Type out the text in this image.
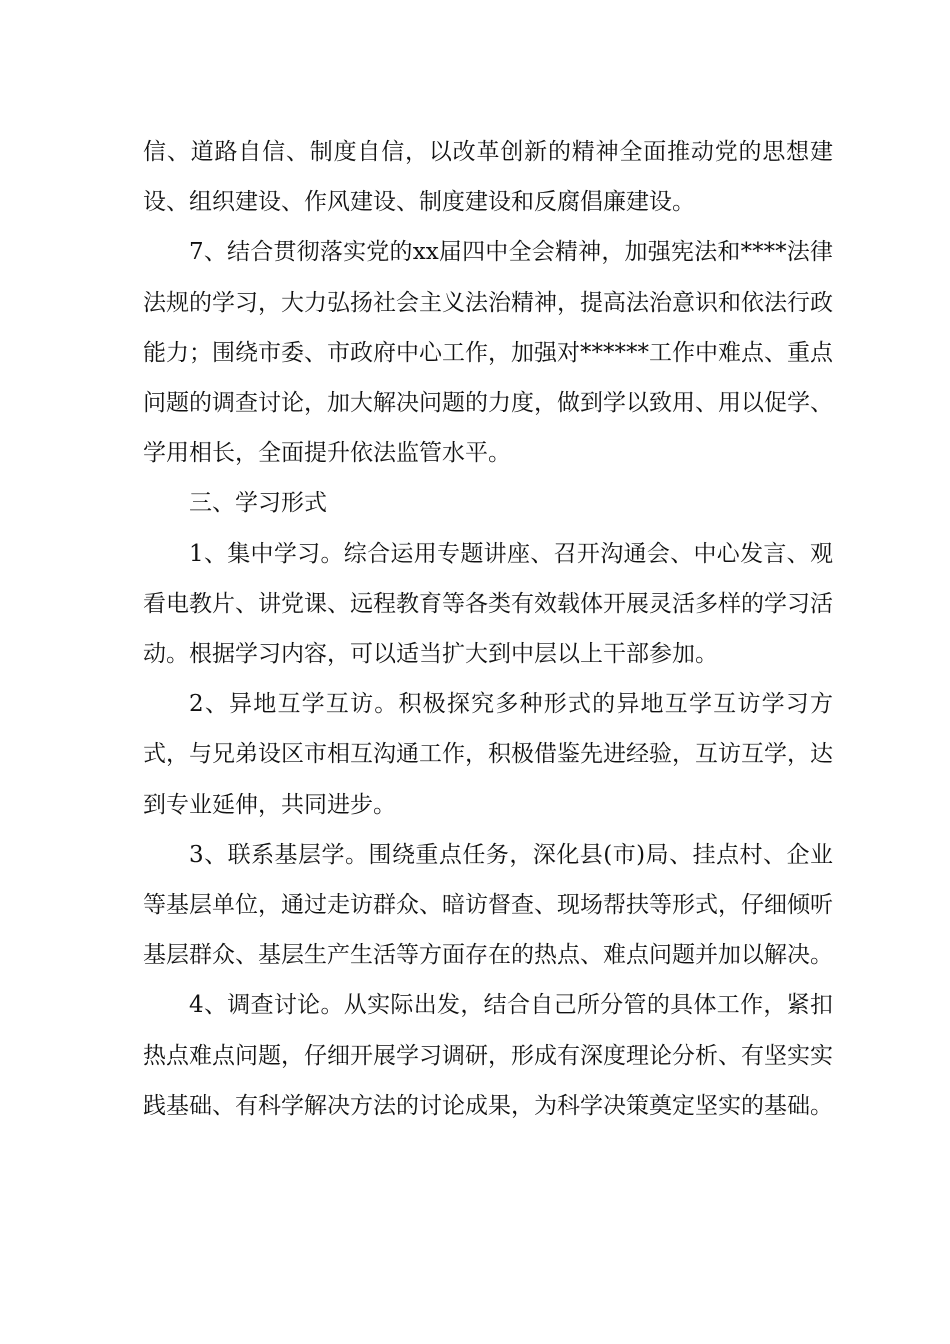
信、道路自信、制度自信，以改革创新的精神全面推动党的思想建设、组织建设、作风建设、制度建设和反腐倡廉建设。

7、结合贯彻落实党的xx届四中全会精神，加强宪法和****法律法规的学习，大力弘扬社会主义法治精神，提高法治意识和依法行政能力；围绕市委、市政府中心工作，加强对******工作中难点、重点问题的调查讨论，加大解决问题的力度，做到学以致用、用以促学、学用相长，全面提升依法监管水平。

三、学习形式

1、集中学习。综合运用专题讲座、召开沟通会、中心发言、观看电教片、讲党课、远程教育等各类有效载体开展灵活多样的学习活动。根据学习内容，可以适当扩大到中层以上干部参加。

2、异地互学互访。积极探究多种形式的异地互学互访学习方式，与兄弟设区市相互沟通工作，积极借鉴先进经验，互访互学，达到专业延伸，共同进步。

3、联系基层学。围绕重点任务，深化县(市)局、挂点村、企业等基层单位，通过走访群众、暗访督查、现场帮扶等形式，仔细倾听基层群众、基层生产生活等方面存在的热点、难点问题并加以解决。

4、调查讨论。从实际出发，结合自己所分管的具体工作，紧扣热点难点问题，仔细开展学习调研，形成有深度理论分析、有坚实实践基础、有科学解决方法的讨论成果，为科学决策奠定坚实的基础。
